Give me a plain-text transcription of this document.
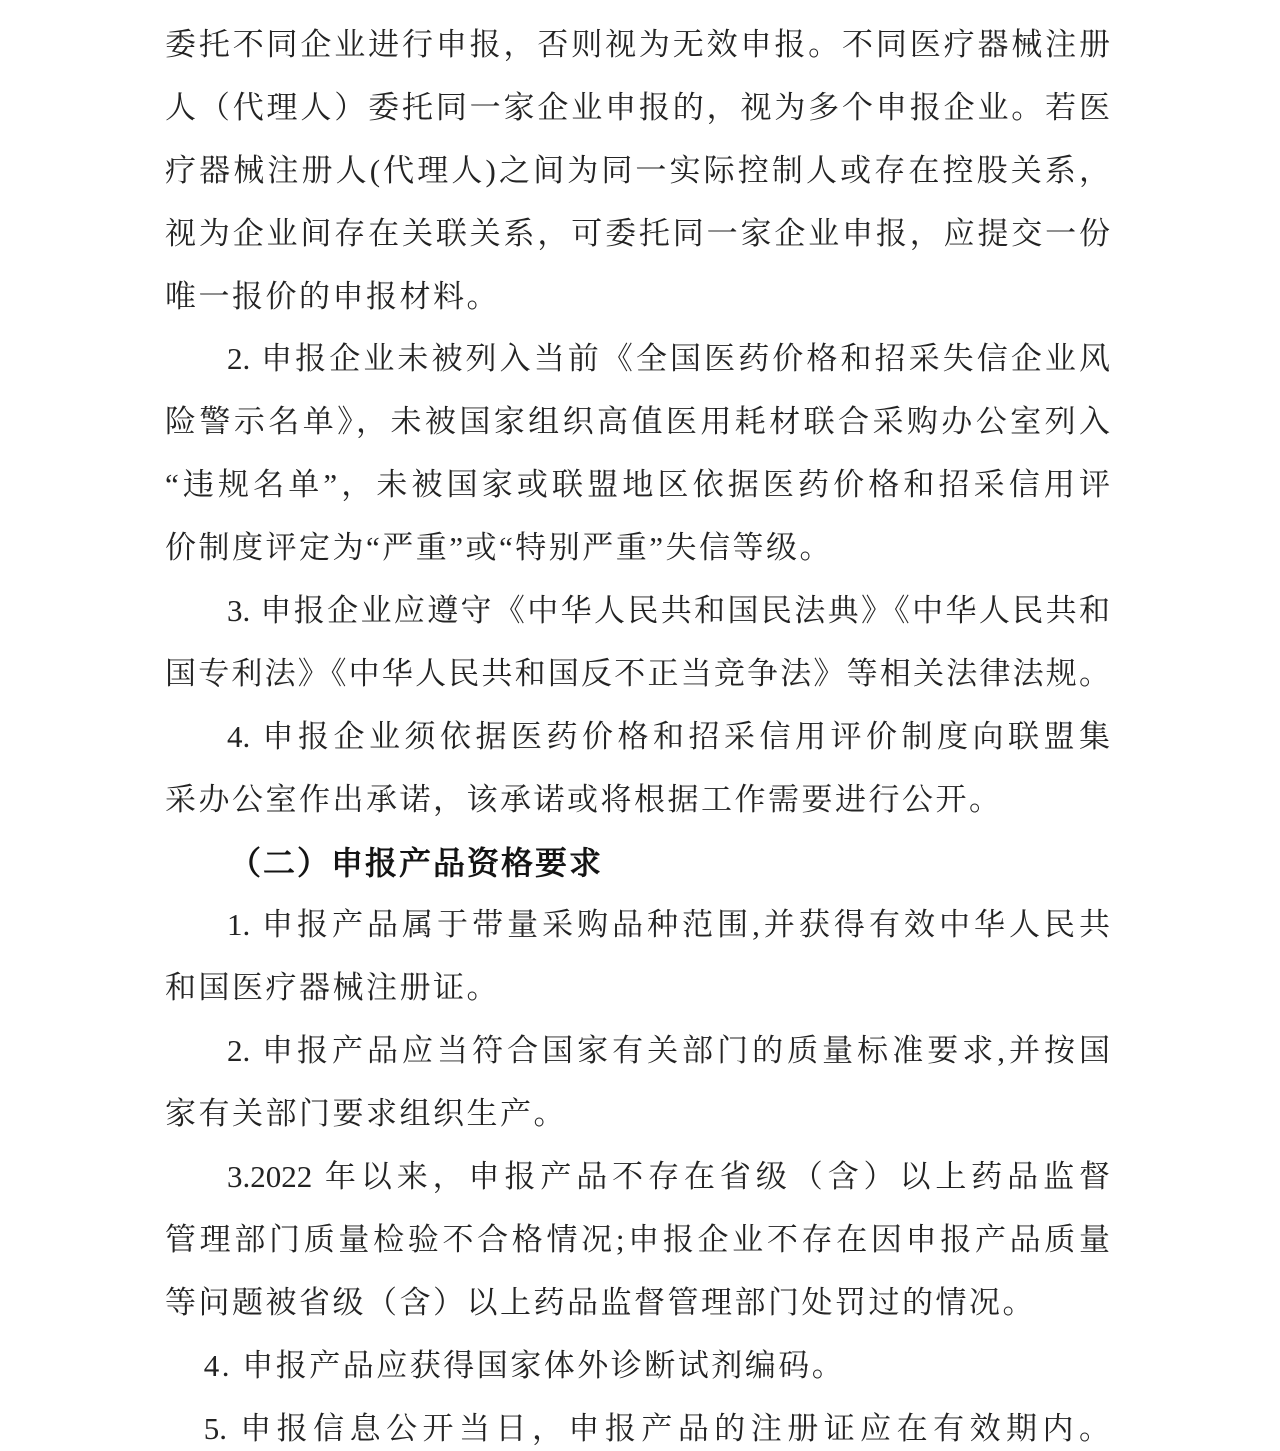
委托不同企业进行申报，否则视为无效申报。不同医疗器械注册
人（代理人）委托同一家企业申报的，视为多个申报企业。若医
疗器械注册人(代理人)之间为同一实际控制人或存在控股关系，
视为企业间存在关联关系，可委托同一家企业申报，应提交一份
唯一报价的申报材料。
2. 申报企业未被列入当前《全国医药价格和招采失信企业风
险警示名单》，未被国家组织高值医用耗材联合采购办公室列入
“违规名单”，未被国家或联盟地区依据医药价格和招采信用评
价制度评定为“严重”或“特别严重”失信等级。
3. 申报企业应遵守《中华人民共和国民法典》《中华人民共和
国专利法》《中华人民共和国反不正当竞争法》等相关法律法规。
4. 申报企业须依据医药价格和招采信用评价制度向联盟集
采办公室作出承诺，该承诺或将根据工作需要进行公开。
（二）申报产品资格要求
1. 申报产品属于带量采购品种范围,并获得有效中华人民共
和国医疗器械注册证。
2. 申报产品应当符合国家有关部门的质量标准要求,并按国
家有关部门要求组织生产。
3.2022 年以来，申报产品不存在省级（含）以上药品监督
管理部门质量检验不合格情况;申报企业不存在因申报产品质量
等问题被省级（含）以上药品监督管理部门处罚过的情况。
4. 申报产品应获得国家体外诊断试剂编码。
5. 申报信息公开当日，申报产品的注册证应在有效期内。
